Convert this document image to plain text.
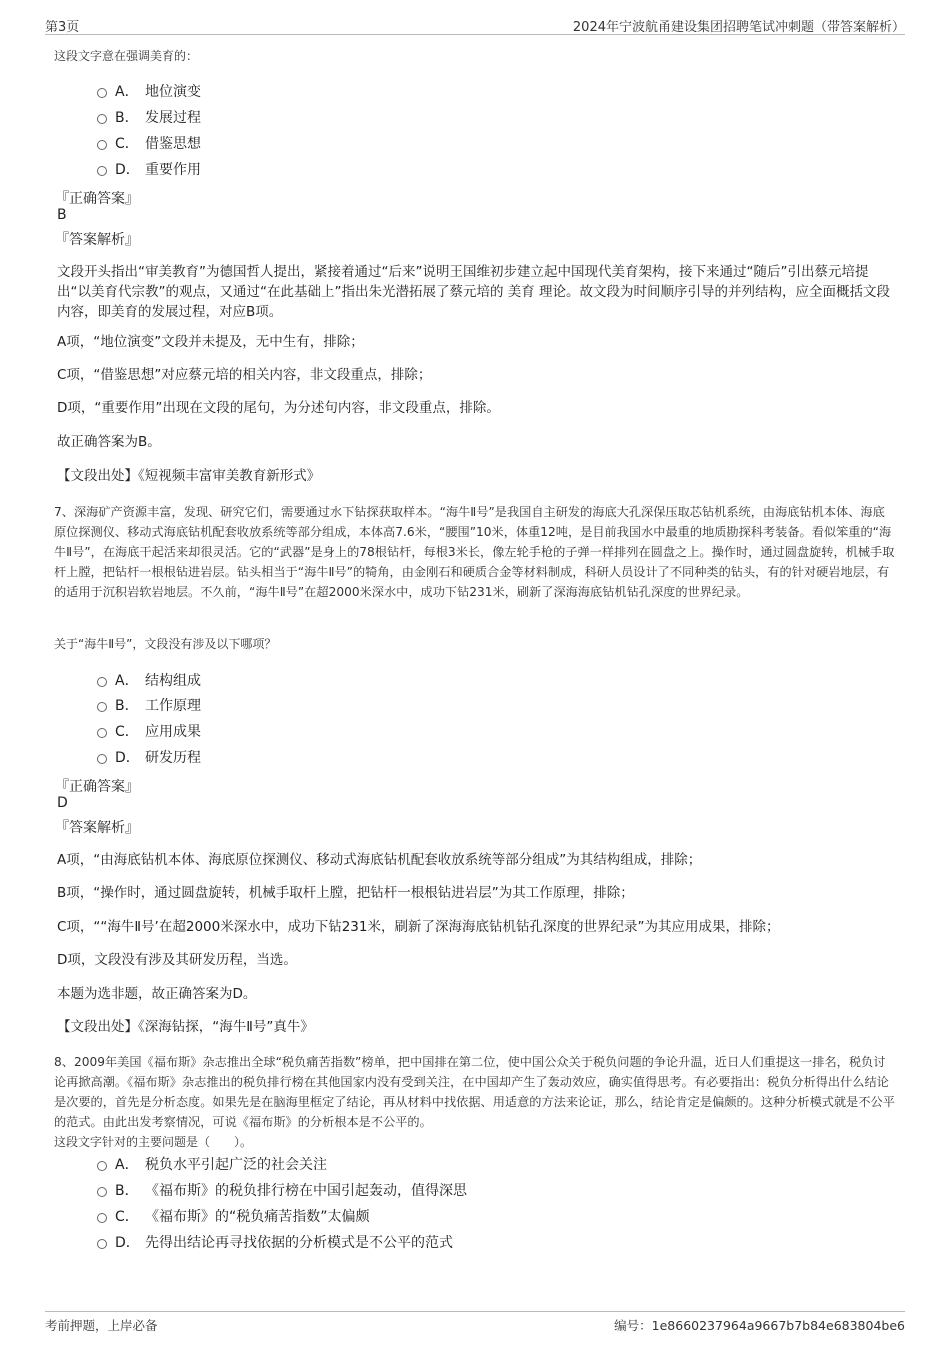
第3页	2024年宁波航甬建设集团招聘笔试冲刺题（带答案解析）
这段文字意在强调美育的：
A． 地位演变
B． 发展过程
C． 借鉴思想
D． 重要作用
『正确答案』
B
『答案解析』
文段开头指出“审美教育”为德国哲人提出，紧接着通过“后来”说明王国维初步建立起中国现代美育架构，接下来通过“随后”引出蔡元培提出“以美育代宗教”的观点，又通过“在此基础上”指出朱光潜拓展了蔡元培的 美育 理论。故文段为时间顺序引导的并列结构，应全面概括文段内容，即美育的发展过程，对应B项。
A项，“地位演变”文段并未提及，无中生有，排除；
C项，“借鉴思想”对应蔡元培的相关内容，非文段重点，排除；
D项，“重要作用”出现在文段的尾句，为分述句内容，非文段重点，排除。
故正确答案为B。
【文段出处】《短视频丰富审美教育新形式》
7、深海矿产资源丰富，发现、研究它们，需要通过水下钻探获取样本。“海牛Ⅱ号”是我国自主研发的海底大孔深保压取芯钻机系统，由海底钻机本体、海底原位探测仪、移动式海底钻机配套收放系统等部分组成，本体高7.6米，“腰围”10米，体重12吨，是目前我国水中最重的地质勘探科考装备。看似笨重的“海牛Ⅱ号”，在海底干起活来却很灵活。它的“武器”是身上的78根钻杆，每根3米长，像左轮手枪的子弹一样排列在圆盘之上。操作时，通过圆盘旋转，机械手取杆上膛，把钻杆一根根钻进岩层。钻头相当于“海牛Ⅱ号”的犄角，由金刚石和硬质合金等材料制成，科研人员设计了不同种类的钻头，有的针对硬岩地层，有的适用于沉积岩软岩地层。不久前，“海牛Ⅱ号”在超2000米深水中，成功下钻231米，刷新了深海海底钻机钻孔深度的世界纪录。
关于“海牛Ⅱ号”，文段没有涉及以下哪项？
A． 结构组成
B． 工作原理
C． 应用成果
D． 研发历程
『正确答案』
D
『答案解析』
A项，“由海底钻机本体、海底原位探测仪、移动式海底钻机配套收放系统等部分组成”为其结构组成，排除；
B项，“操作时，通过圆盘旋转，机械手取杆上膛，把钻杆一根根钻进岩层”为其工作原理，排除；
C项，““海牛Ⅱ号’在超2000米深水中，成功下钻231米，刷新了深海海底钻机钻孔深度的世界纪录”为其应用成果，排除；
D项，文段没有涉及其研发历程，当选。
本题为选非题，故正确答案为D。
【文段出处】《深海钻探，“海牛Ⅱ号”真牛》
8、2009年美国《福布斯》杂志推出全球“税负痛苦指数”榜单，把中国排在第二位，使中国公众关于税负问题的争论升温，近日人们重提这一排名，税负讨论再掀高潮。《福布斯》杂志推出的税负排行榜在其他国家内没有受到关注，在中国却产生了轰动效应，确实值得思考。有必要指出：税负分析得出什么结论是次要的，首先是分析态度。如果先是在脑海里框定了结论，再从材料中找依据、用适意的方法来论证，那么，结论肯定是偏颇的。这种分析模式就是不公平的范式。由此出发考察情况，可说《福布斯》的分析根本是不公平的。
这段文字针对的主要问题是（　　）。
A． 税负水平引起广泛的社会关注
B． 《福布斯》的税负排行榜在中国引起轰动，值得深思
C． 《福布斯》的“税负痛苦指数”太偏颇
D． 先得出结论再寻找依据的分析模式是不公平的范式
考前押题，上岸必备	编号：1e8660237964a9667b7b84e683804be6
